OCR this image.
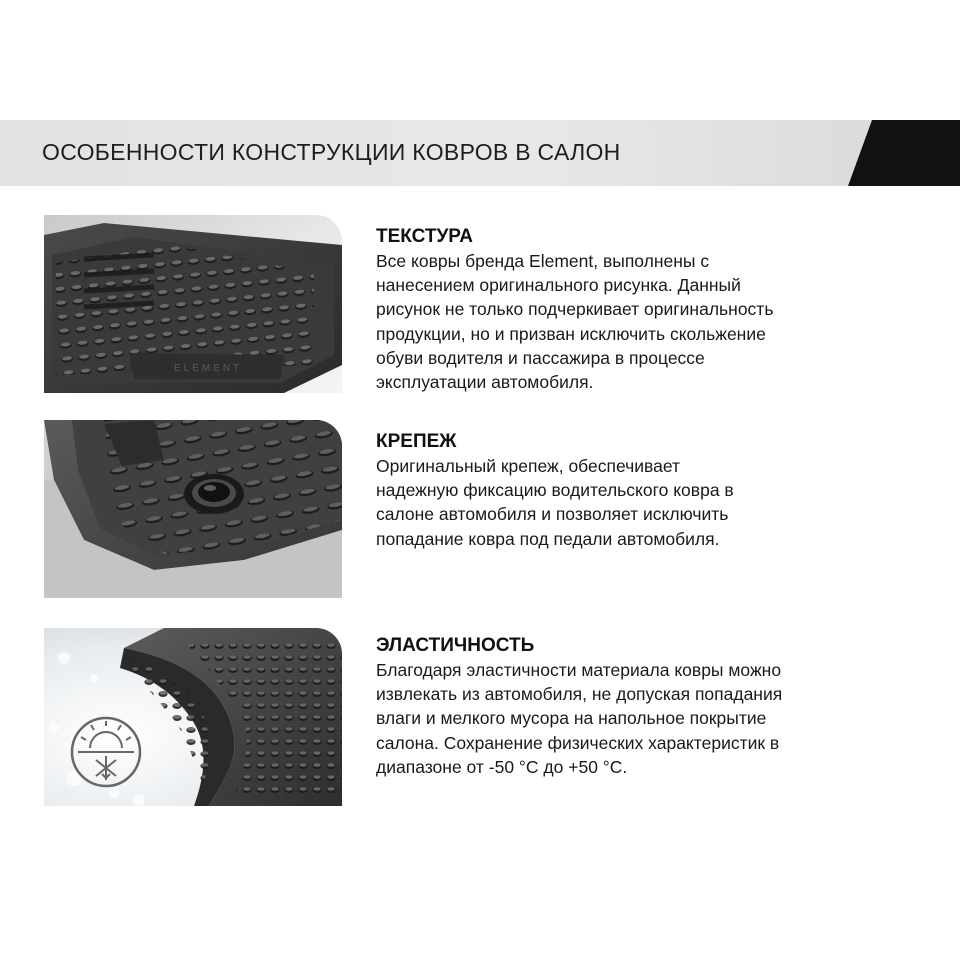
ОСОБЕННОСТИ КОНСТРУКЦИИ КОВРОВ В САЛОН
ELEMENT

ТЕКСТУРА

Все ковры бренда Element, выполнены с
нанесением оригинального рисунка. Данный
рисунок не только подчеркивает оригинальность
продукции, но и призван исключить скольжение
обуви водителя и пассажира в процессе
эксплуатации автомобиля.

КРЕПЕЖ

Оригинальный крепеж, обеспечивает
надежную фиксацию водительского ковра в
салоне автомобиля и позволяет исключить
попадание ковра под педали автомобиля.

ЭЛАСТИЧНОСТЬ

Благодаря эластичности материала ковры можно
извлекать из автомобиля, не допуская попадания
влаги и мелкого мусора на напольное покрытие
салона. Сохранение физических характеристик в
диапазоне от -50 °С до +50 °С.
